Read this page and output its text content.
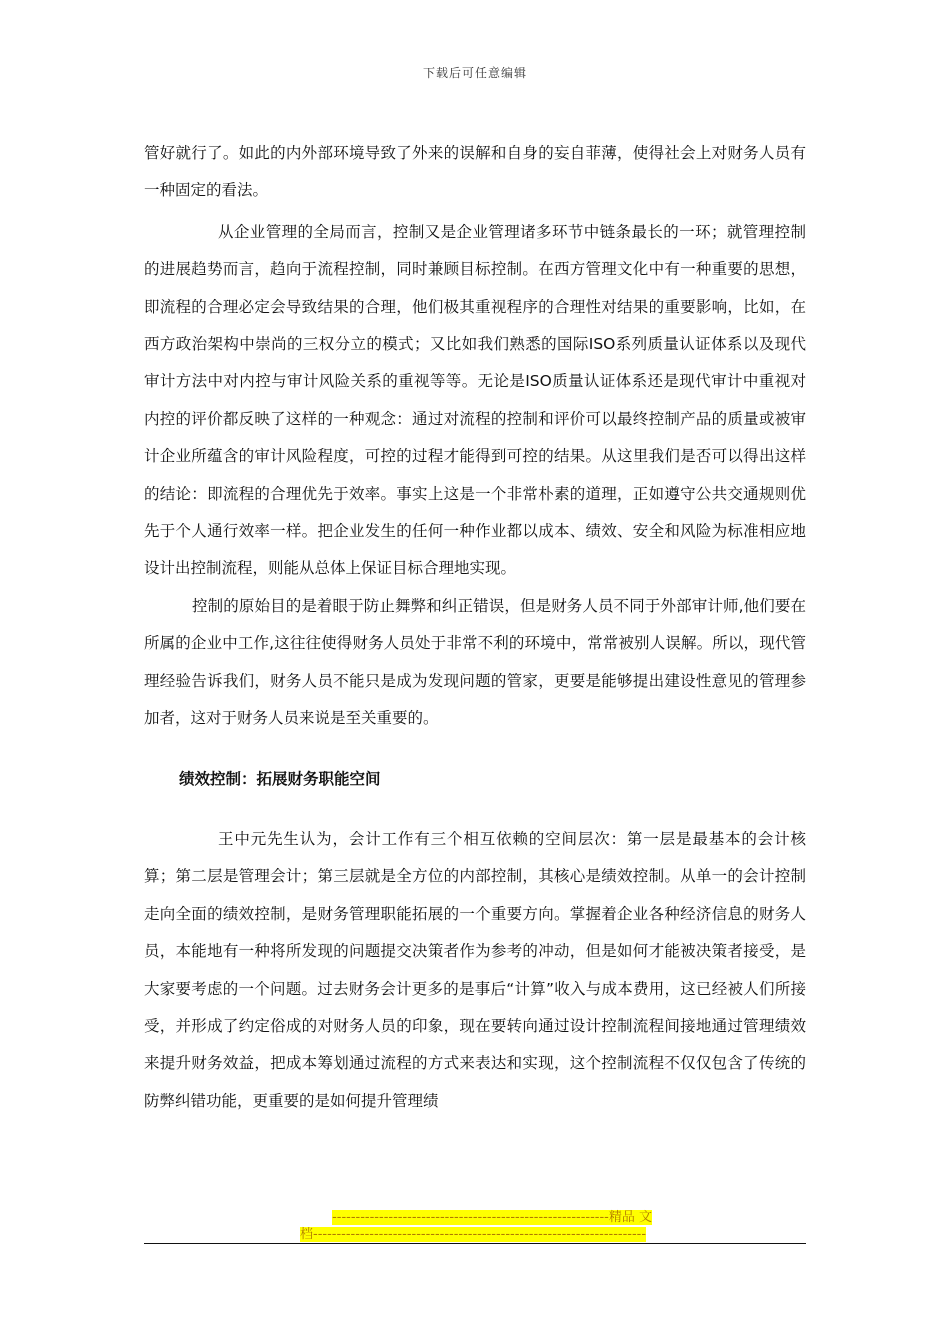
下载后可任意编辑

管好就行了。如此的内外部环境导致了外来的误解和自身的妄自菲薄，使得社会上对财务人员有一种固定的看法。

从企业管理的全局而言，控制又是企业管理诸多环节中链条最长的一环；就管理控制的进展趋势而言，趋向于流程控制，同时兼顾目标控制。在西方管理文化中有一种重要的思想，即流程的合理必定会导致结果的合理，他们极其重视程序的合理性对结果的重要影响，比如，在西方政治架构中崇尚的三权分立的模式；又比如我们熟悉的国际ISO系列质量认证体系以及现代审计方法中对内控与审计风险关系的重视等等。无论是ISO质量认证体系还是现代审计中重视对内控的评价都反映了这样的一种观念：通过对流程的控制和评价可以最终控制产品的质量或被审计企业所蕴含的审计风险程度，可控的过程才能得到可控的结果。从这里我们是否可以得出这样的结论：即流程的合理优先于效率。事实上这是一个非常朴素的道理，正如遵守公共交通规则优先于个人通行效率一样。把企业发生的任何一种作业都以成本、绩效、安全和风险为标准相应地设计出控制流程，则能从总体上保证目标合理地实现。

控制的原始目的是着眼于防止舞弊和纠正错误，但是财务人员不同于外部审计师,他们要在所属的企业中工作,这往往使得财务人员处于非常不利的环境中，常常被别人误解。所以，现代管理经验告诉我们，财务人员不能只是成为发现问题的管家，更要是能够提出建设性意见的管理参加者，这对于财务人员来说是至关重要的。

绩效控制：拓展财务职能空间

王中元先生认为，会计工作有三个相互依赖的空间层次：第一层是最基本的会计核算；第二层是管理会计；第三层就是全方位的内部控制，其核心是绩效控制。从单一的会计控制走向全面的绩效控制，是财务管理职能拓展的一个重要方向。掌握着企业各种经济信息的财务人员，本能地有一种将所发现的问题提交决策者作为参考的冲动，但是如何才能被决策者接受，是大家要考虑的一个问题。过去财务会计更多的是事后“计算”收入与成本费用，这已经被人们所接受，并形成了约定俗成的对财务人员的印象，现在要转向通过设计控制流程间接地通过管理绩效来提升财务效益，把成本筹划通过流程的方式来表达和实现，这个控制流程不仅仅包含了传统的防弊纠错功能，更重要的是如何提升管理绩

-----------------------------------------------------------精品 文
档-----------------------------------------------------------------------
